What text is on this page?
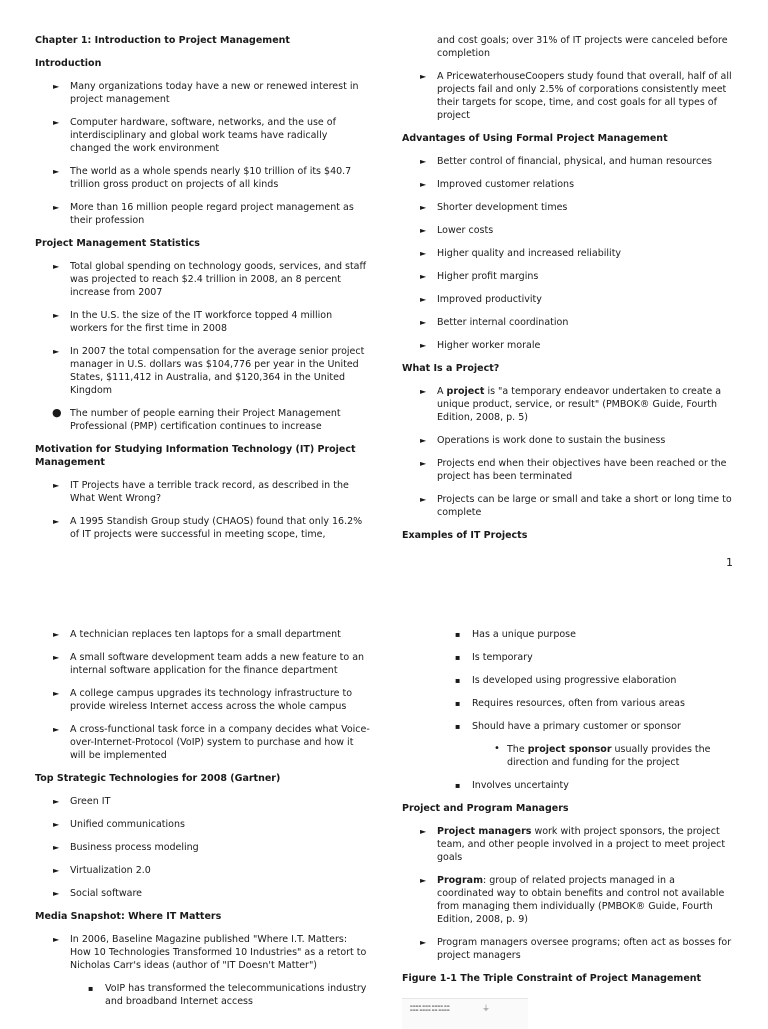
Chapter 1: Introduction to Project Management
Introduction
► Many organizations today have a new or renewed interest in project management
► Computer hardware, software, networks, and the use of interdisciplinary and global work teams have radically changed the work environment
► The world as a whole spends nearly $10 trillion of its $40.7 trillion gross product on projects of all kinds
► More than 16 million people regard project management as their profession
Project Management Statistics
► Total global spending on technology goods, services, and staff was projected to reach $2.4 trillion in 2008, an 8 percent increase from 2007
► In the U.S. the size of the IT workforce topped 4 million workers for the first time in 2008
► In 2007 the total compensation for the average senior project manager in U.S. dollars was $104,776 per year in the United States, $111,412 in Australia, and $120,364 in the United Kingdom
● The number of people earning their Project Management Professional (PMP) certification continues to increase
Motivation for Studying Information Technology (IT) Project Management
► IT Projects have a terrible track record, as described in the What Went Wrong?
► A 1995 Standish Group study (CHAOS) found that only 16.2% of IT projects were successful in meeting scope, time,
and cost goals; over 31% of IT projects were canceled before completion
► A PricewaterhouseCoopers study found that overall, half of all projects fail and only 2.5% of corporations consistently meet their targets for scope, time, and cost goals for all types of project
Advantages of Using Formal Project Management
► Better control of financial, physical, and human resources
► Improved customer relations
► Shorter development times
► Lower costs
► Higher quality and increased reliability
► Higher profit margins
► Improved productivity
► Better internal coordination
► Higher worker morale
What Is a Project?
► A project is "a temporary endeavor undertaken to create a unique product, service, or result" (PMBOK® Guide, Fourth Edition, 2008, p. 5)
► Operations is work done to sustain the business
► Projects end when their objectives have been reached or the project has been terminated
► Projects can be large or small and take a short or long time to complete
Examples of IT Projects
1
► A technician replaces ten laptops for a small department
► A small software development team adds a new feature to an internal software application for the finance department
► A college campus upgrades its technology infrastructure to provide wireless Internet access across the whole campus
► A cross-functional task force in a company decides what Voice-over-Internet-Protocol (VoIP) system to purchase and how it will be implemented
Top Strategic Technologies for 2008 (Gartner)
► Green IT
► Unified communications
► Business process modeling
► Virtualization 2.0
► Social software
Media Snapshot: Where IT Matters
► In 2006, Baseline Magazine published "Where I.T. Matters: How 10 Technologies Transformed 10 Industries" as a retort to Nicholas Carr's ideas (author of "IT Doesn't Matter")
▪ VoIP has transformed the telecommunications industry and broadband Internet access
▪ Has a unique purpose
▪ Is temporary
▪ Is developed using progressive elaboration
▪ Requires resources, often from various areas
▪ Should have a primary customer or sponsor
• The project sponsor usually provides the direction and funding for the project
▪ Involves uncertainty
Project and Program Managers
► Project managers work with project sponsors, the project team, and other people involved in a project to meet project goals
► Program: group of related projects managed in a coordinated way to obtain benefits and control not available from managing them individually (PMBOK® Guide, Fourth Edition, 2008, p. 9)
► Program managers oversee programs; often act as bosses for project managers
Figure 1-1 The Triple Constraint of Project Management
▬▬▬▬ ▬▬▬ ▬▬▬▬ ▬▬ ▬▬▬ ▬▬▬▬ ▬▬ ▬▬▬▬	⏚
